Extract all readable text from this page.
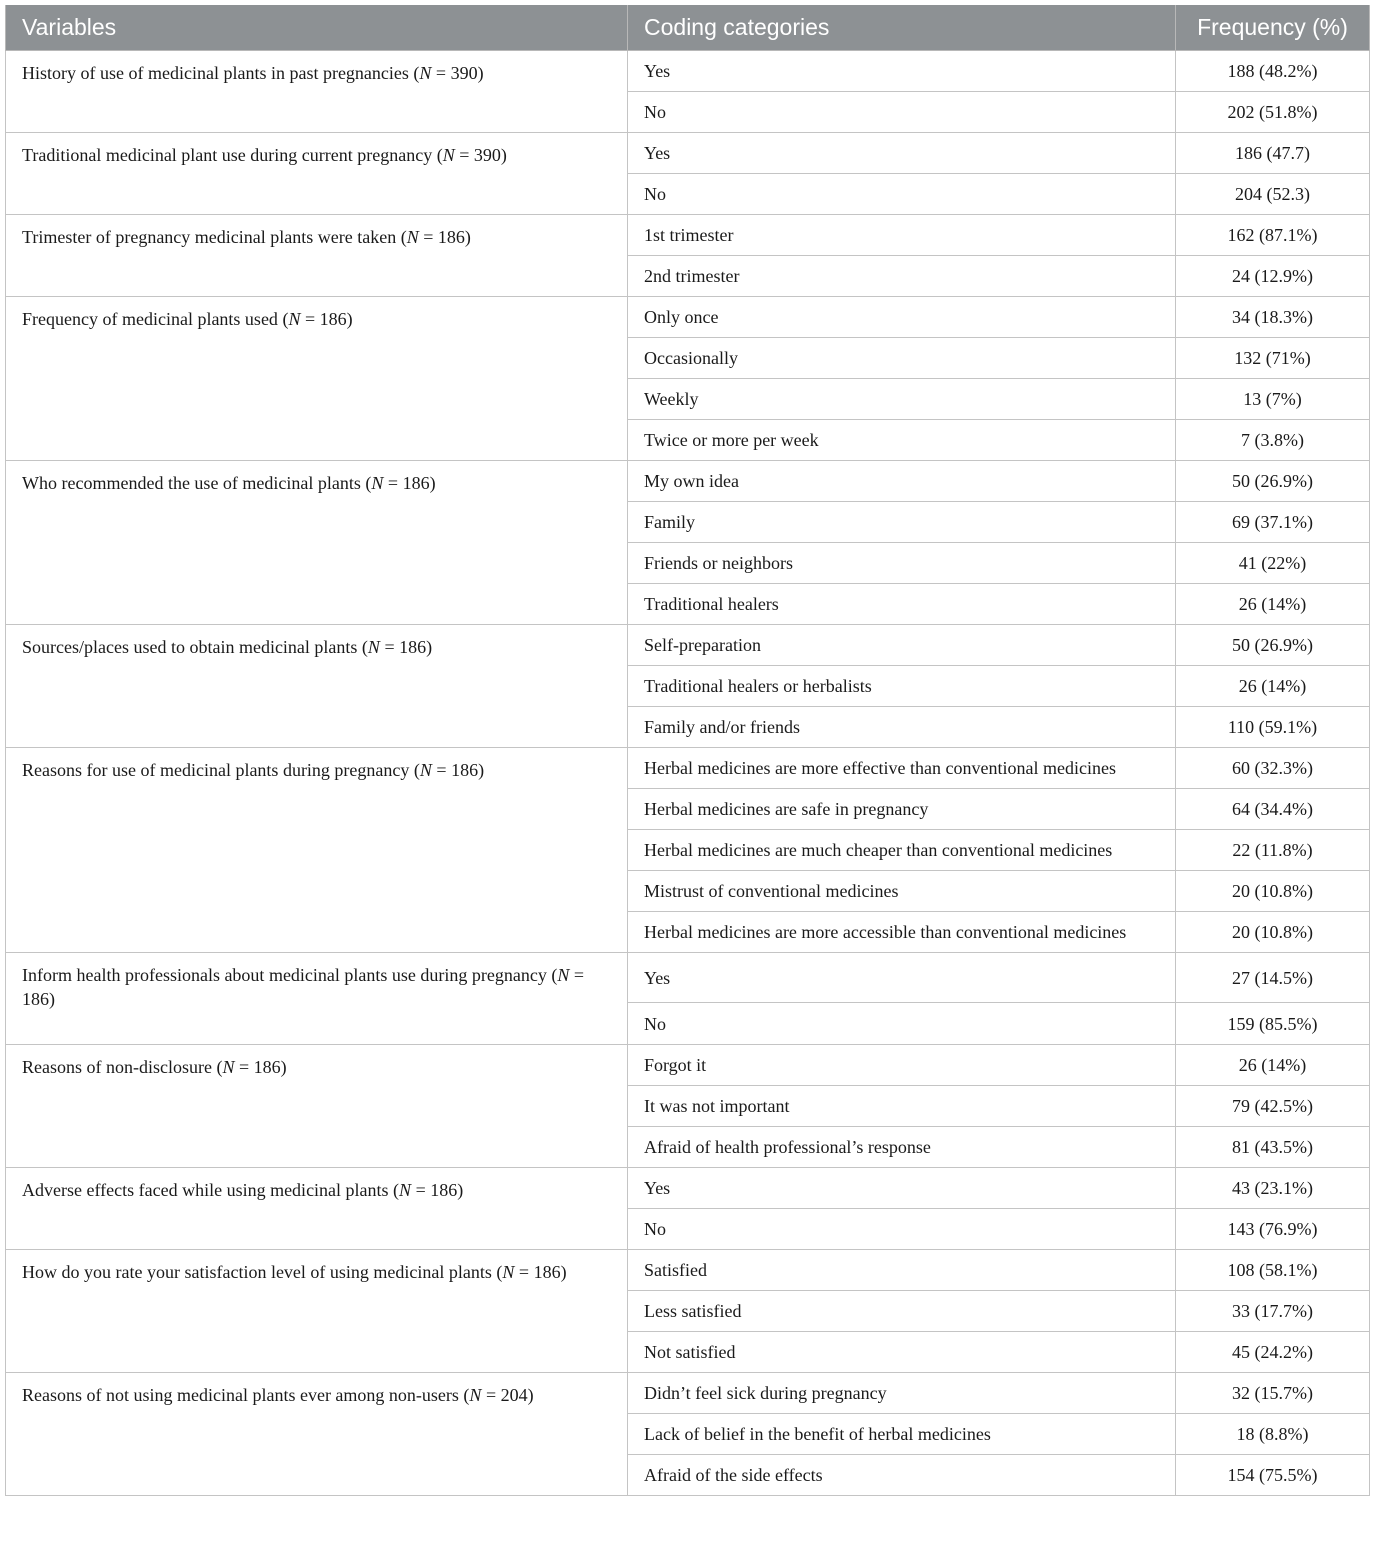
Variables	Coding categories	Frequency (%)
History of use of medicinal plants in past pregnancies (N = 390)	Yes	188 (48.2%)
	No	202 (51.8%)
Traditional medicinal plant use during current pregnancy (N = 390)	Yes	186 (47.7)
	No	204 (52.3)
Trimester of pregnancy medicinal plants were taken (N = 186)	1st trimester	162 (87.1%)
	2nd trimester	24 (12.9%)
Frequency of medicinal plants used (N = 186)	Only once	34 (18.3%)
	Occasionally	132 (71%)
	Weekly	13 (7%)
	Twice or more per week	7 (3.8%)
Who recommended the use of medicinal plants (N = 186)	My own idea	50 (26.9%)
	Family	69 (37.1%)
	Friends or neighbors	41 (22%)
	Traditional healers	26 (14%)
Sources/places used to obtain medicinal plants (N = 186)	Self-preparation	50 (26.9%)
	Traditional healers or herbalists	26 (14%)
	Family and/or friends	110 (59.1%)
Reasons for use of medicinal plants during pregnancy (N = 186)	Herbal medicines are more effective than conventional medicines	60 (32.3%)
	Herbal medicines are safe in pregnancy	64 (34.4%)
	Herbal medicines are much cheaper than conventional medicines	22 (11.8%)
	Mistrust of conventional medicines	20 (10.8%)
	Herbal medicines are more accessible than conventional medicines	20 (10.8%)
Inform health professionals about medicinal plants use during pregnancy (N = 186)	Yes	27 (14.5%)
	No	159 (85.5%)
Reasons of non-disclosure (N = 186)	Forgot it	26 (14%)
	It was not important	79 (42.5%)
	Afraid of health professional’s response	81 (43.5%)
Adverse effects faced while using medicinal plants (N = 186)	Yes	43 (23.1%)
	No	143 (76.9%)
How do you rate your satisfaction level of using medicinal plants (N = 186)	Satisfied	108 (58.1%)
	Less satisfied	33 (17.7%)
	Not satisfied	45 (24.2%)
Reasons of not using medicinal plants ever among non-users (N = 204)	Didn’t feel sick during pregnancy	32 (15.7%)
	Lack of belief in the benefit of herbal medicines	18 (8.8%)
	Afraid of the side effects	154 (75.5%)
